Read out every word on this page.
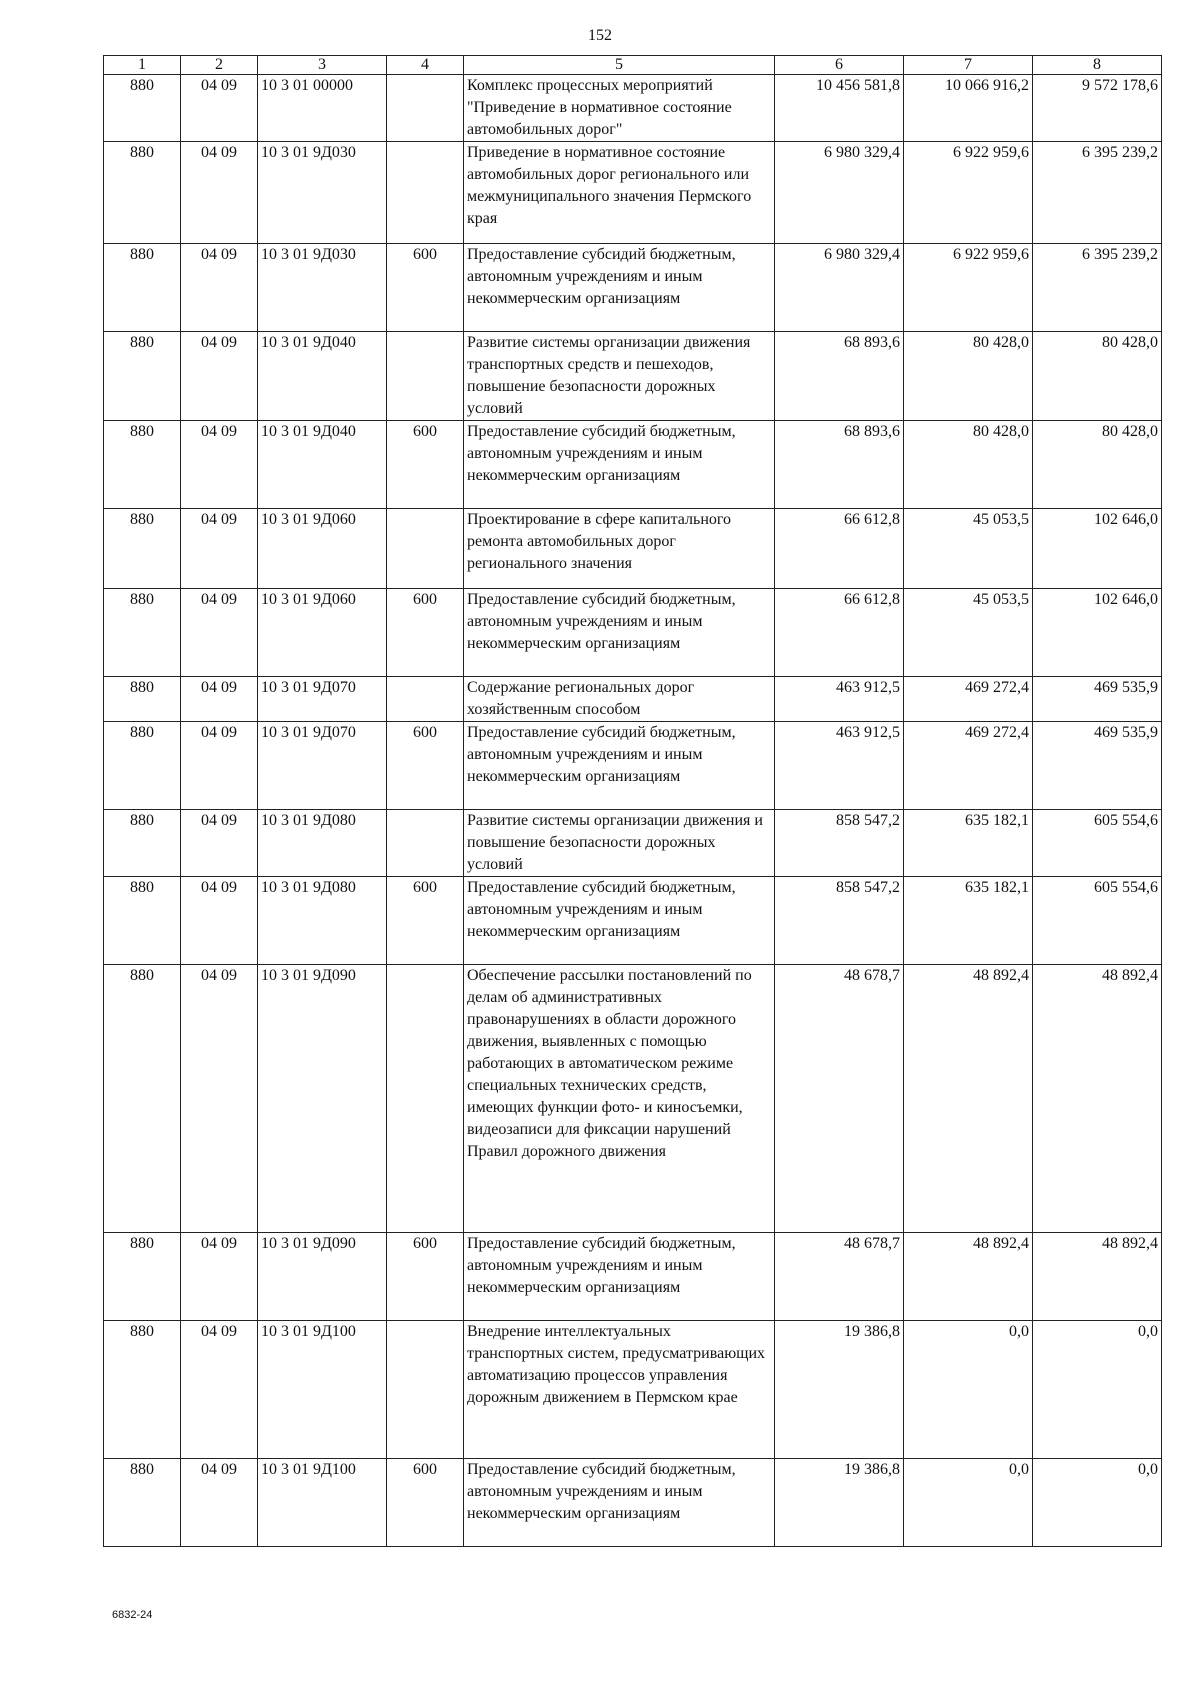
152
1	2	3	4	5	6	7	8
880	04 09	10 3 01 00000		Комплекс процессных мероприятий "Приведение в нормативное состояние автомобильных дорог"	10 456 581,8	10 066 916,2	9 572 178,6
880	04 09	10 3 01 9Д030		Приведение в нормативное состояние автомобильных дорог регионального или межмуниципального значения Пермского края	6 980 329,4	6 922 959,6	6 395 239,2
880	04 09	10 3 01 9Д030	600	Предоставление субсидий бюджетным, автономным учреждениям и иным некоммерческим организациям	6 980 329,4	6 922 959,6	6 395 239,2
880	04 09	10 3 01 9Д040		Развитие системы организации движения транспортных средств и пешеходов, повышение безопасности дорожных условий	68 893,6	80 428,0	80 428,0
880	04 09	10 3 01 9Д040	600	Предоставление субсидий бюджетным, автономным учреждениям и иным некоммерческим организациям	68 893,6	80 428,0	80 428,0
880	04 09	10 3 01 9Д060		Проектирование в сфере капитального ремонта автомобильных дорог регионального значения	66 612,8	45 053,5	102 646,0
880	04 09	10 3 01 9Д060	600	Предоставление субсидий бюджетным, автономным учреждениям и иным некоммерческим организациям	66 612,8	45 053,5	102 646,0
880	04 09	10 3 01 9Д070		Содержание региональных дорог хозяйственным способом	463 912,5	469 272,4	469 535,9
880	04 09	10 3 01 9Д070	600	Предоставление субсидий бюджетным, автономным учреждениям и иным некоммерческим организациям	463 912,5	469 272,4	469 535,9
880	04 09	10 3 01 9Д080		Развитие системы организации движения и повышение безопасности дорожных условий	858 547,2	635 182,1	605 554,6
880	04 09	10 3 01 9Д080	600	Предоставление субсидий бюджетным, автономным учреждениям и иным некоммерческим организациям	858 547,2	635 182,1	605 554,6
880	04 09	10 3 01 9Д090		Обеспечение рассылки постановлений по делам об административных правонарушениях в области дорожного движения, выявленных с помощью работающих в автоматическом режиме специальных технических средств, имеющих функции фото- и киносъемки, видеозаписи для фиксации нарушений Правил дорожного движения	48 678,7	48 892,4	48 892,4
880	04 09	10 3 01 9Д090	600	Предоставление субсидий бюджетным, автономным учреждениям и иным некоммерческим организациям	48 678,7	48 892,4	48 892,4
880	04 09	10 3 01 9Д100		Внедрение интеллектуальных транспортных систем, предусматривающих автоматизацию процессов управления дорожным движением в Пермском крае	19 386,8	0,0	0,0
880	04 09	10 3 01 9Д100	600	Предоставление субсидий бюджетным, автономным учреждениям и иным некоммерческим организациям	19 386,8	0,0	0,0
6832-24
